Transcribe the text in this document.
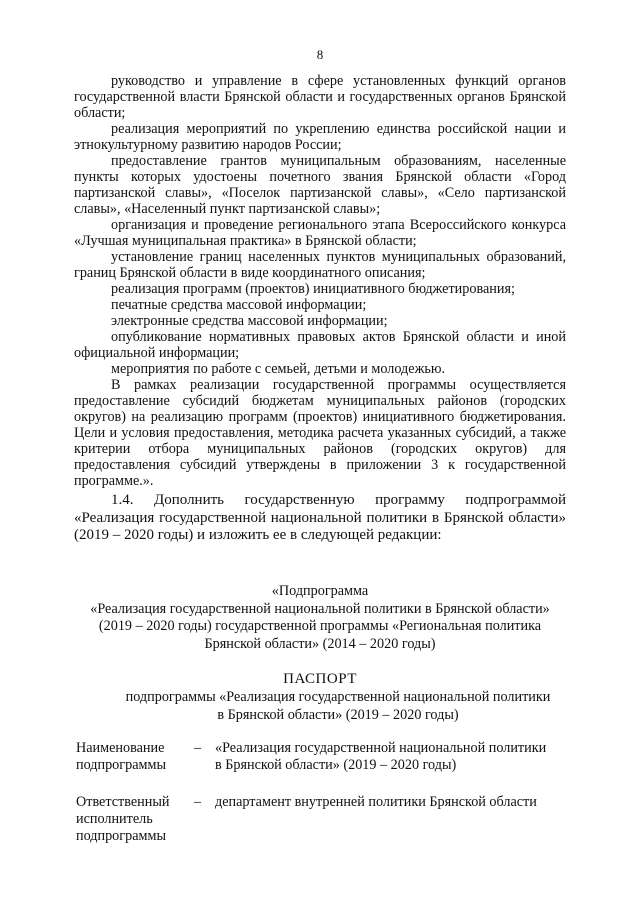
8

руководство и управление в сфере установленных функций органов государственной власти Брянской области и государственных органов Брянской области;

реализация мероприятий по укреплению единства российской нации и этнокультурному развитию народов России;

предоставление грантов муниципальным образованиям, населенные пункты которых удостоены почетного звания Брянской области «Город партизанской славы», «Поселок партизанской славы», «Село партизанской славы», «Населенный пункт партизанской славы»;

организация и проведение регионального этапа Всероссийского конкурса «Лучшая муниципальная практика» в Брянской области;

установление границ населенных пунктов муниципальных образований, границ Брянской области в виде координатного описания;

реализация программ (проектов) инициативного бюджетирования;

печатные средства массовой информации;

электронные средства массовой информации;

опубликование нормативных правовых актов Брянской области и иной официальной информации;

мероприятия по работе с семьей, детьми и молодежью.

В рамках реализации государственной программы осуществляется предоставление субсидий бюджетам муниципальных районов (городских округов) на реализацию программ (проектов) инициативного бюджетирования. Цели и условия предоставления, методика расчета указанных субсидий, а также критерии отбора муниципальных районов (городских округов) для предоставления субсидий утверждены в приложении 3 к государственной программе.».

1.4. Дополнить государственную программу подпрограммой «Реализация государственной национальной политики в Брянской области» (2019 – 2020 годы) и изложить ее в следующей редакции:

«Подпрограмма
«Реализация государственной национальной политики в Брянской области»
(2019 – 2020 годы) государственной программы «Региональная политика
Брянской области» (2014 – 2020 годы)
ПАСПОРТ
подпрограммы «Реализация государственной национальной политики
в Брянской области» (2019 – 2020 годы)
Наименование
подпрограммы
– «Реализация государственной национальной политики
в Брянской области» (2019 – 2020 годы)
Ответственный
исполнитель
подпрограммы
– департамент внутренней политики Брянской области
